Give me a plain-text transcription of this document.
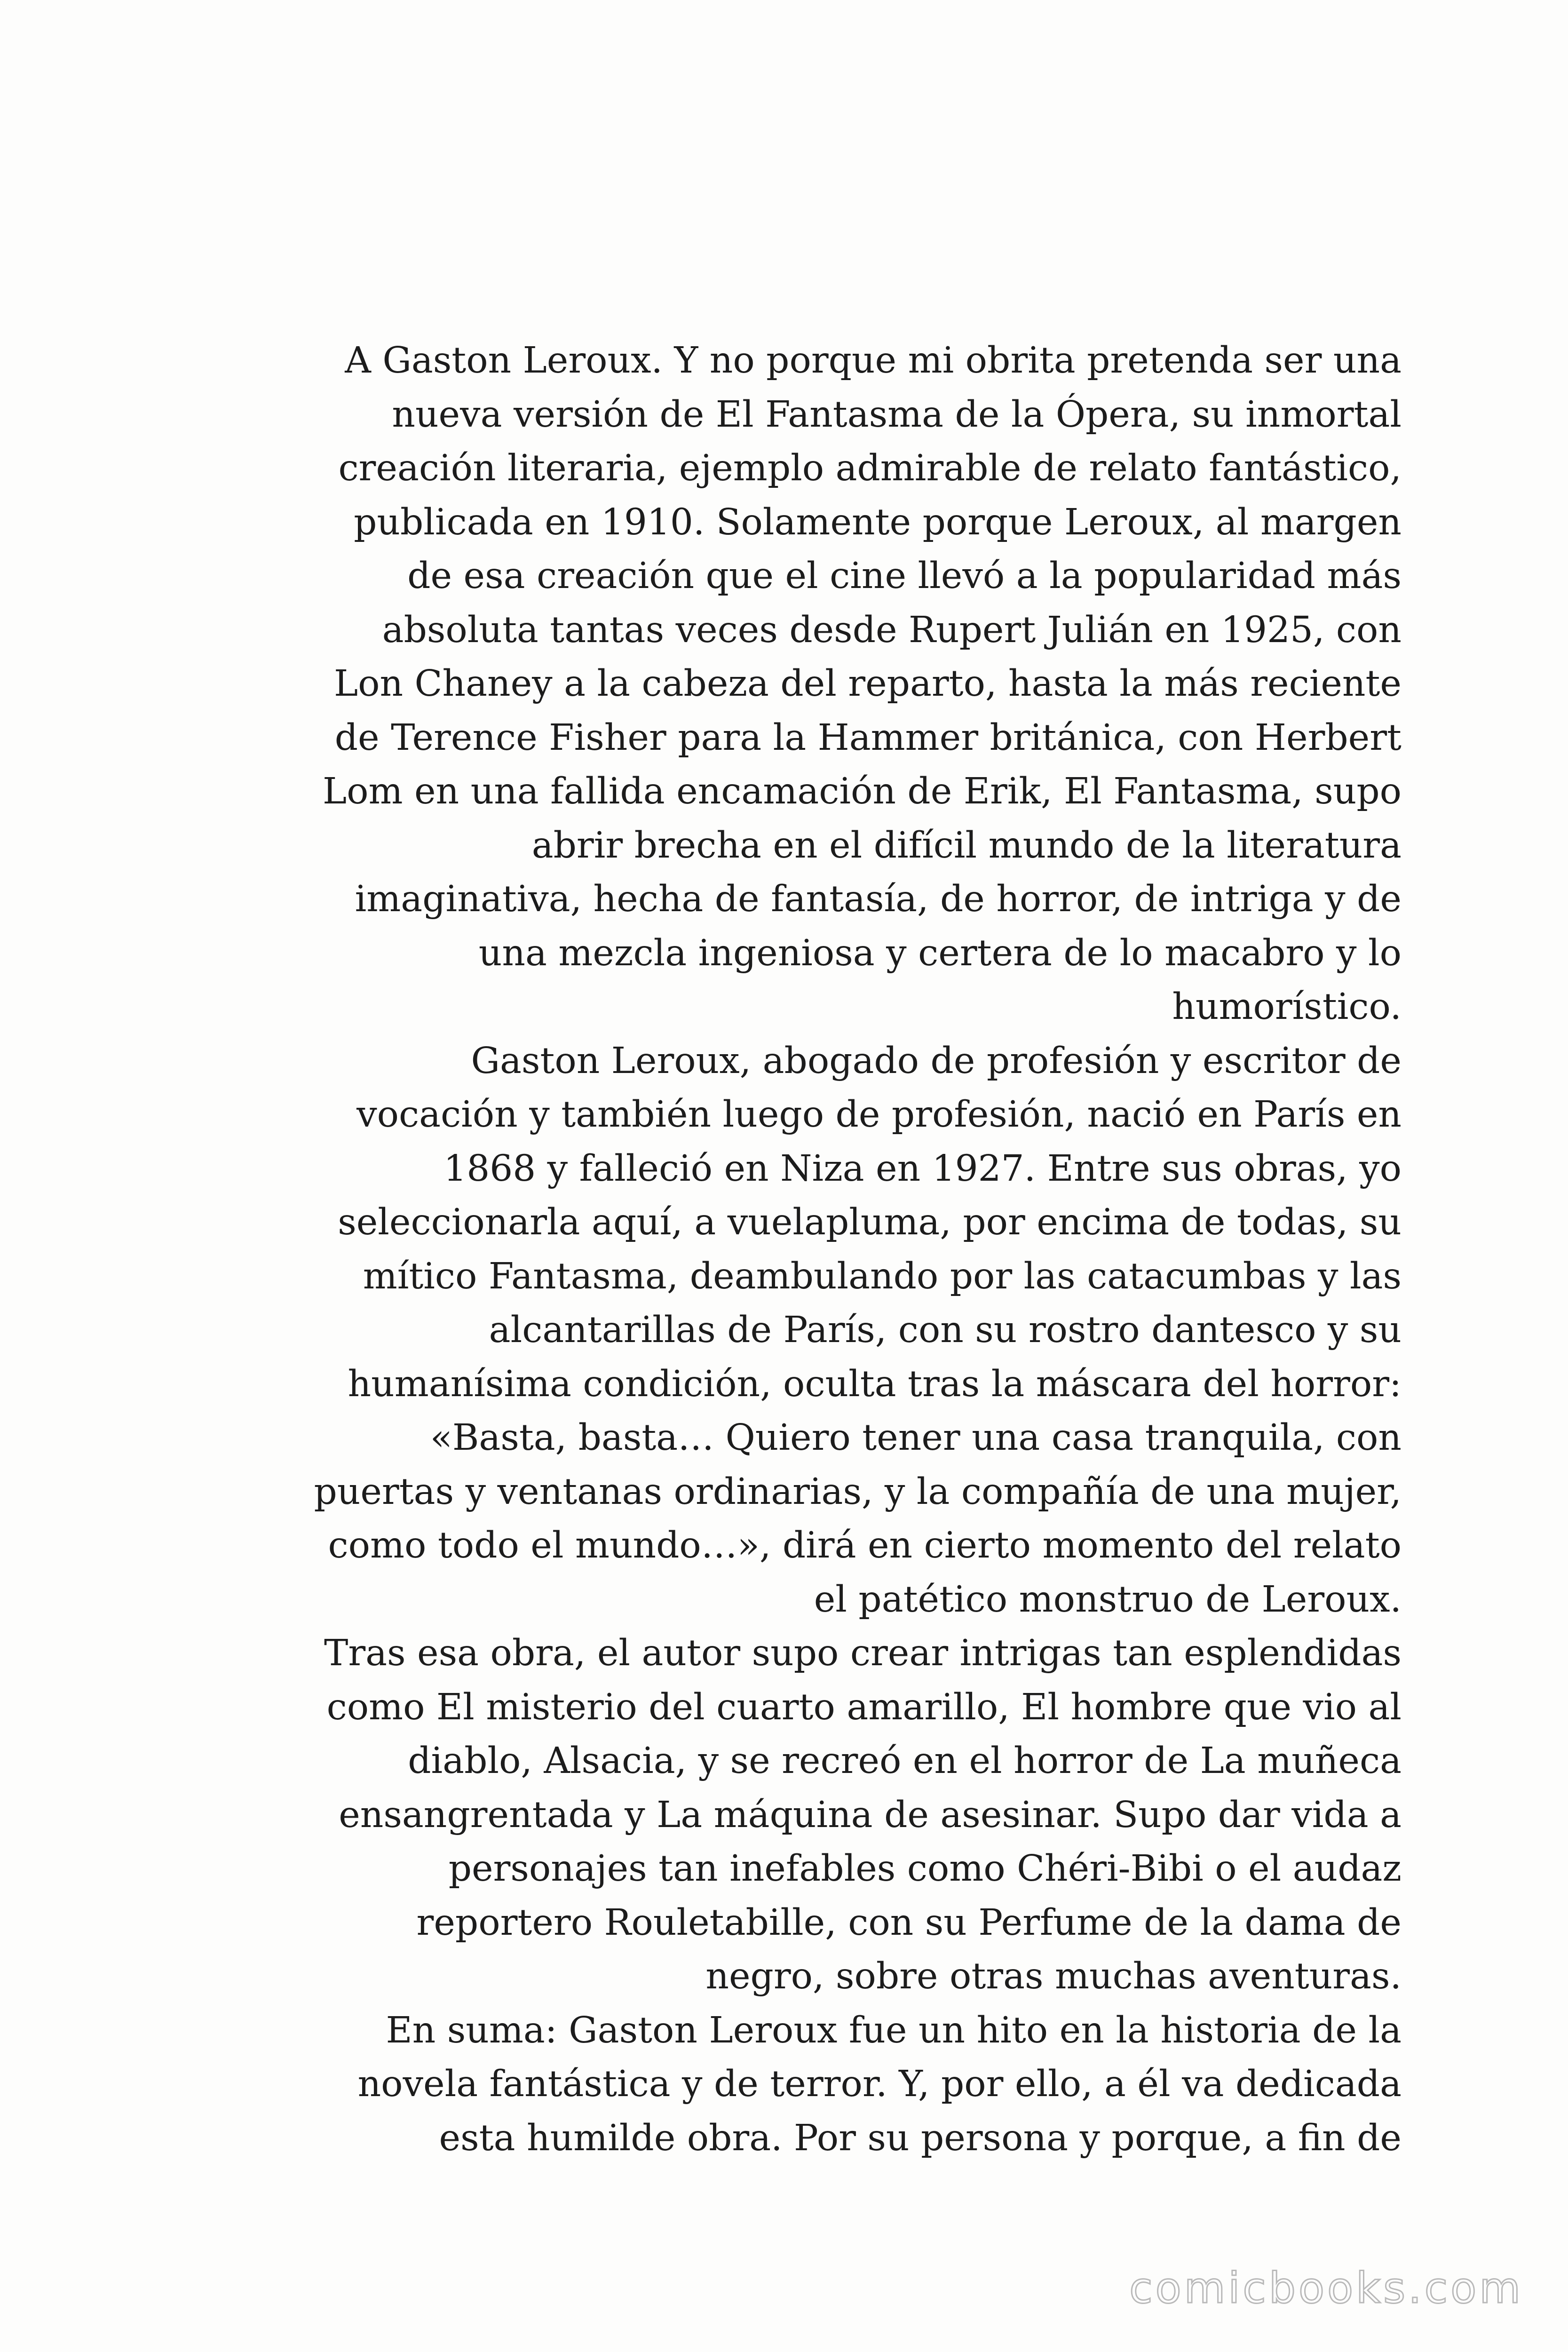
A Gaston Leroux. Y no porque mi obrita pretenda ser una
nueva versión de El Fantasma de la Ópera, su inmortal
creación literaria, ejemplo admirable de relato fantástico,
publicada en 1910. Solamente porque Leroux, al margen
de esa creación que el cine llevó a la popularidad más
absoluta tantas veces desde Rupert Julián en 1925, con
Lon Chaney a la cabeza del reparto, hasta la más reciente
de Terence Fisher para la Hammer británica, con Herbert
Lom en una fallida encamación de Erik, El Fantasma, supo
abrir brecha en el difícil mundo de la literatura
imaginativa, hecha de fantasía, de horror, de intriga y de
una mezcla ingeniosa y certera de lo macabro y lo
humorístico.
Gaston Leroux, abogado de profesión y escritor de
vocación y también luego de profesión, nació en París en
1868 y falleció en Niza en 1927. Entre sus obras, yo
seleccionarla aquí, a vuelapluma, por encima de todas, su
mítico Fantasma, deambulando por las catacumbas y las
alcantarillas de París, con su rostro dantesco y su
humanísima condición, oculta tras la máscara del horror:
«Basta, basta… Quiero tener una casa tranquila, con
puertas y ventanas ordinarias, y la compañía de una mujer,
como todo el mundo…», dirá en cierto momento del relato
el patético monstruo de Leroux.
Tras esa obra, el autor supo crear intrigas tan esplendidas
como El misterio del cuarto amarillo, El hombre que vio al
diablo, Alsacia, y se recreó en el horror de La muñeca
ensangrentada y La máquina de asesinar. Supo dar vida a
personajes tan inefables como Chéri-Bibi o el audaz
reportero Rouletabille, con su Perfume de la dama de
negro, sobre otras muchas aventuras.
En suma: Gaston Leroux fue un hito en la historia de la
novela fantástica y de terror. Y, por ello, a él va dedicada
esta humilde obra. Por su persona y porque, a fin de
comicbooks.com
